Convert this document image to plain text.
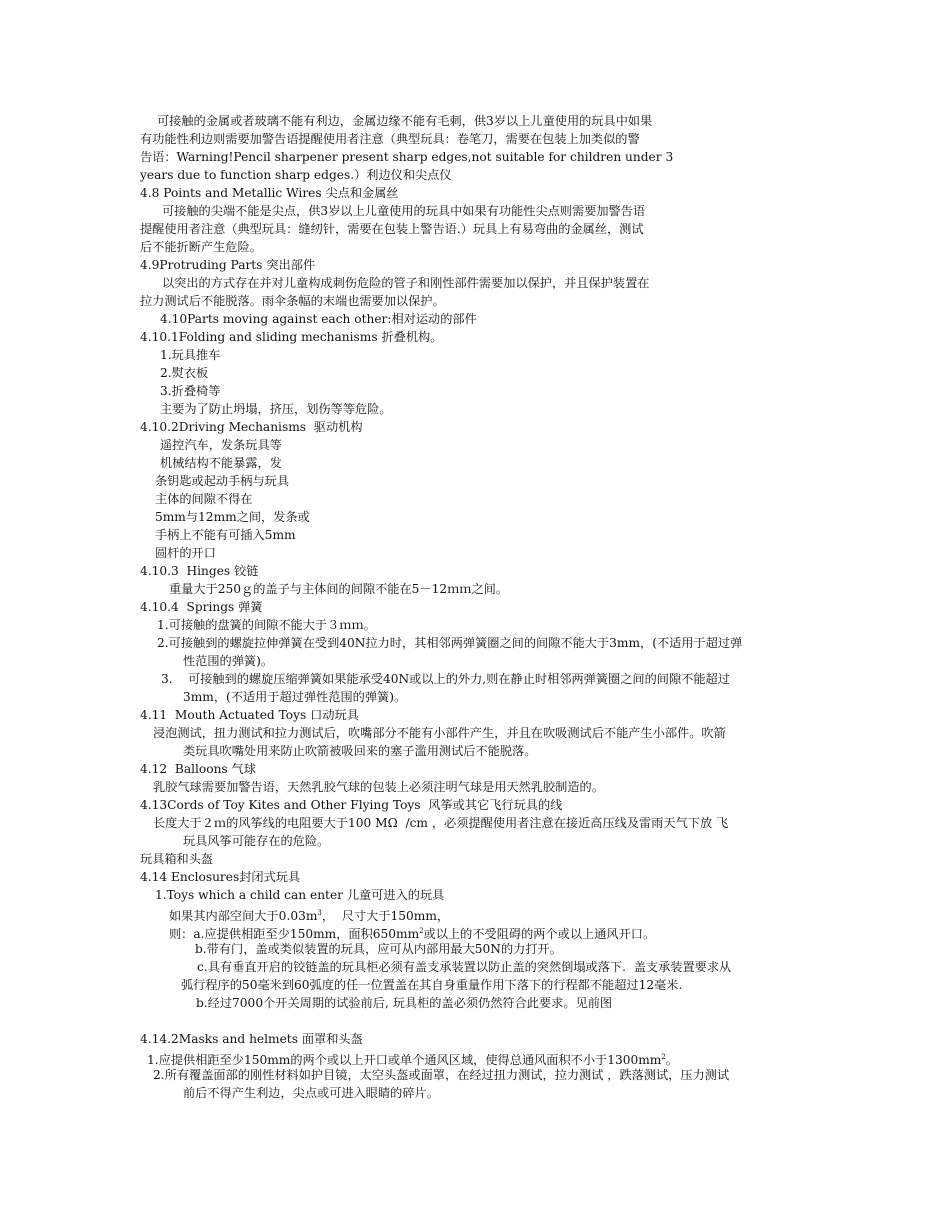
可接触的金属或者玻璃不能有利边，金属边缘不能有毛刺，供3岁以上儿童使用的玩具中如果
有功能性利边则需要加警告语提醒使用者注意（典型玩具：卷笔刀，需要在包装上加类似的警
告语：Warning!Pencil sharpener present sharp edges,not suitable for children under 3
years due to function sharp edges.）利边仪和尖点仪
4.8 Points and Metallic Wires 尖点和金属丝
可接触的尖端不能是尖点，供3岁以上儿童使用的玩具中如果有功能性尖点则需要加警告语
提醒使用者注意（典型玩具：缝纫针，需要在包装上警告语.）玩具上有易弯曲的金属丝，测试
后不能折断产生危险。
4.9Protruding Parts 突出部件
以突出的方式存在并对儿童构成刺伤危险的管子和刚性部件需要加以保护，并且保护装置在
拉力测试后不能脱落。雨伞条幅的末端也需要加以保护。
4.10Parts moving against each other:相对运动的部件
4.10.1Folding and sliding mechanisms 折叠机构。
1.玩具推车
2.熨衣板
3.折叠椅等
主要为了防止坍塌，挤压，划伤等等危险。
4.10.2Driving Mechanisms  驱动机构
遥控汽车，发条玩具等
机械结构不能暴露，发
条钥匙或起动手柄与玩具
主体的间隙不得在
5mm与12mm之间，发条或
手柄上不能有可插入5mm
圆杆的开口
4.10.3  Hinges 铰链
重量大于250ｇ的盖子与主体间的间隙不能在5－12ｍｍ之间。
4.10.4  Springs 弹簧
1.可接触的盘簧的间隙不能大于３ｍｍ。
2.可接触到的螺旋拉伸弹簧在受到40N拉力时，其相邻两弹簧圈之间的间隙不能大于3mm，(不适用于超过弹
性范围的弹簧)。
3. 可接触到的螺旋压缩弹簧如果能承受40N或以上的外力,则在静止时相邻两弹簧圈之间的间隙不能超过
3mm，(不适用于超过弹性范围的弹簧)。
4.11  Mouth Actuated Toys 口动玩具
浸泡测试，扭力测试和拉力测试后，吹嘴部分不能有小部件产生，并且在吹吸测试后不能产生小部件。吹箭
类玩具吹嘴处用来防止吹箭被吸回来的塞子滥用测试后不能脱落。
4.12  Balloons 气球
乳胶气球需要加警告语，天然乳胶气球的包装上必须注明气球是用天然乳胶制造的。
4.13Cords of Toy Kites and Other Flying Toys  风筝或其它飞行玩具的线
长度大于２ｍ的风筝线的电阻要大于100 MΩ  /cm ，必须提醒使用者注意在接近高压线及雷雨天气下放 飞
玩具风筝可能存在的危险。
玩具箱和头盔
4.14 Enclosures封闭式玩具
1.Toys which a child can enter 儿童可进入的玩具
如果其内部空间大于$0.03m^3$，  尺寸大于150mm，
则：a.应提供相距至少150mm，面积$650mm^2$或以上的不受阻碍的两个或以上通风开口。
b.带有门，盖或类似装置的玩具，应可从内部用最大50N的力打开。
c.具有垂直开启的铰链盖的玩具柜必须有盖支承装置以防止盖的突然倒塌或落下.  盖支承装置要求从
弧行程序的50毫米到60弧度的任一位置盖在其自身重量作用下落下的行程都不能超过12毫米.
b.经过7000个开关周期的试验前后, 玩具柜的盖必须仍然符合此要求。见前图
4.14.2Masks and helmets 面罩和头盔
1.应提供相距至少150mm的两个或以上开口或单个通风区域，使得总通风面积不小于$1300mm^2$。
2.所有覆盖面部的刚性材料如护目镜，太空头盔或面罩，在经过扭力测试，拉力测试 ，跌落测试，压力测试
前后不得产生利边，尖点或可进入眼睛的碎片。
